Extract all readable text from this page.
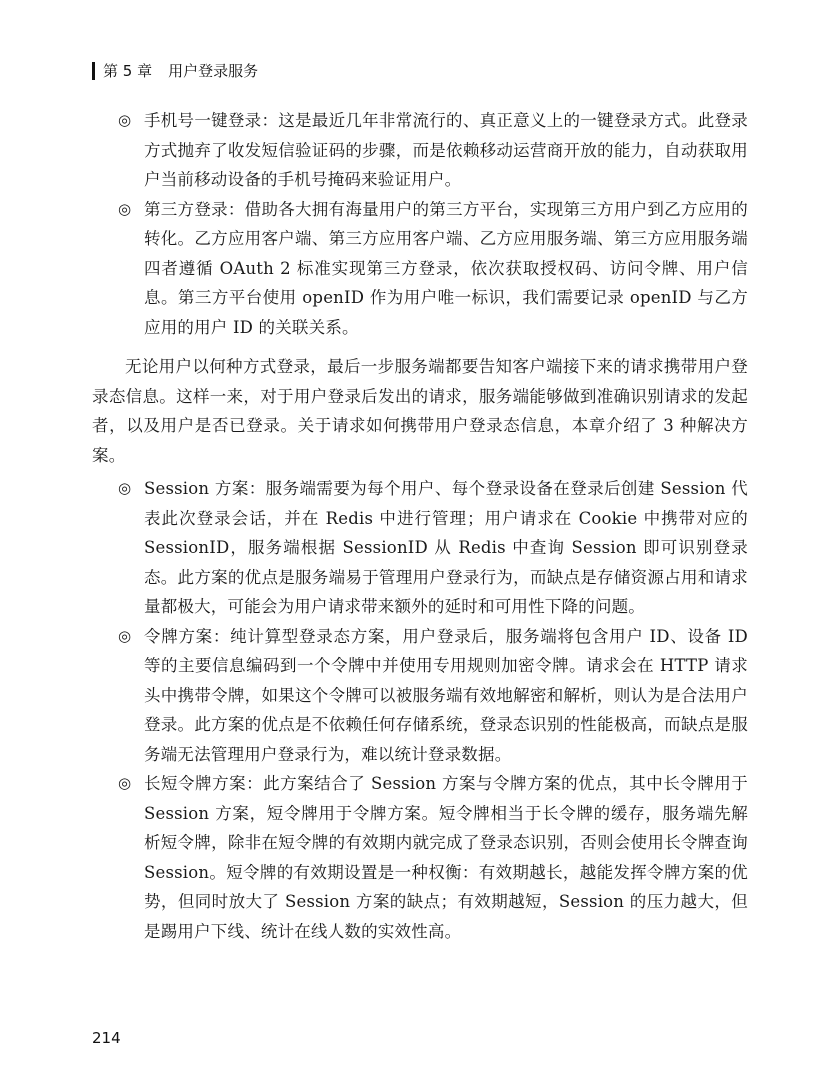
第 5 章 用户登录服务
◎ 手机号一键登录：这是最近几年非常流行的、真正意义上的一键登录方式。此登录方式抛弃了收发短信验证码的步骤，而是依赖移动运营商开放的能力，自动获取用户当前移动设备的手机号掩码来验证用户。
◎ 第三方登录：借助各大拥有海量用户的第三方平台，实现第三方用户到乙方应用的转化。乙方应用客户端、第三方应用客户端、乙方应用服务端、第三方应用服务端四者遵循 OAuth 2 标准实现第三方登录，依次获取授权码、访问令牌、用户信息。第三方平台使用 openID 作为用户唯一标识，我们需要记录 openID 与乙方应用的用户 ID 的关联关系。

无论用户以何种方式登录，最后一步服务端都要告知客户端接下来的请求携带用户登录态信息。这样一来，对于用户登录后发出的请求，服务端能够做到准确识别请求的发起者，以及用户是否已登录。关于请求如何携带用户登录态信息，本章介绍了 3 种解决方案。

◎ Session 方案：服务端需要为每个用户、每个登录设备在登录后创建 Session 代表此次登录会话，并在 Redis 中进行管理；用户请求在 Cookie 中携带对应的 SessionID，服务端根据 SessionID 从 Redis 中查询 Session 即可识别登录态。此方案的优点是服务端易于管理用户登录行为，而缺点是存储资源占用和请求量都极大，可能会为用户请求带来额外的延时和可用性下降的问题。
◎ 令牌方案：纯计算型登录态方案，用户登录后，服务端将包含用户 ID、设备 ID 等的主要信息编码到一个令牌中并使用专用规则加密令牌。请求会在 HTTP 请求头中携带令牌，如果这个令牌可以被服务端有效地解密和解析，则认为是合法用户登录。此方案的优点是不依赖任何存储系统，登录态识别的性能极高，而缺点是服务端无法管理用户登录行为，难以统计登录数据。
◎ 长短令牌方案：此方案结合了 Session 方案与令牌方案的优点，其中长令牌用于 Session 方案，短令牌用于令牌方案。短令牌相当于长令牌的缓存，服务端先解析短令牌，除非在短令牌的有效期内就完成了登录态识别，否则会使用长令牌查询 Session。短令牌的有效期设置是一种权衡：有效期越长，越能发挥令牌方案的优势，但同时放大了 Session 方案的缺点；有效期越短，Session 的压力越大，但是踢用户下线、统计在线人数的实效性高。
214
